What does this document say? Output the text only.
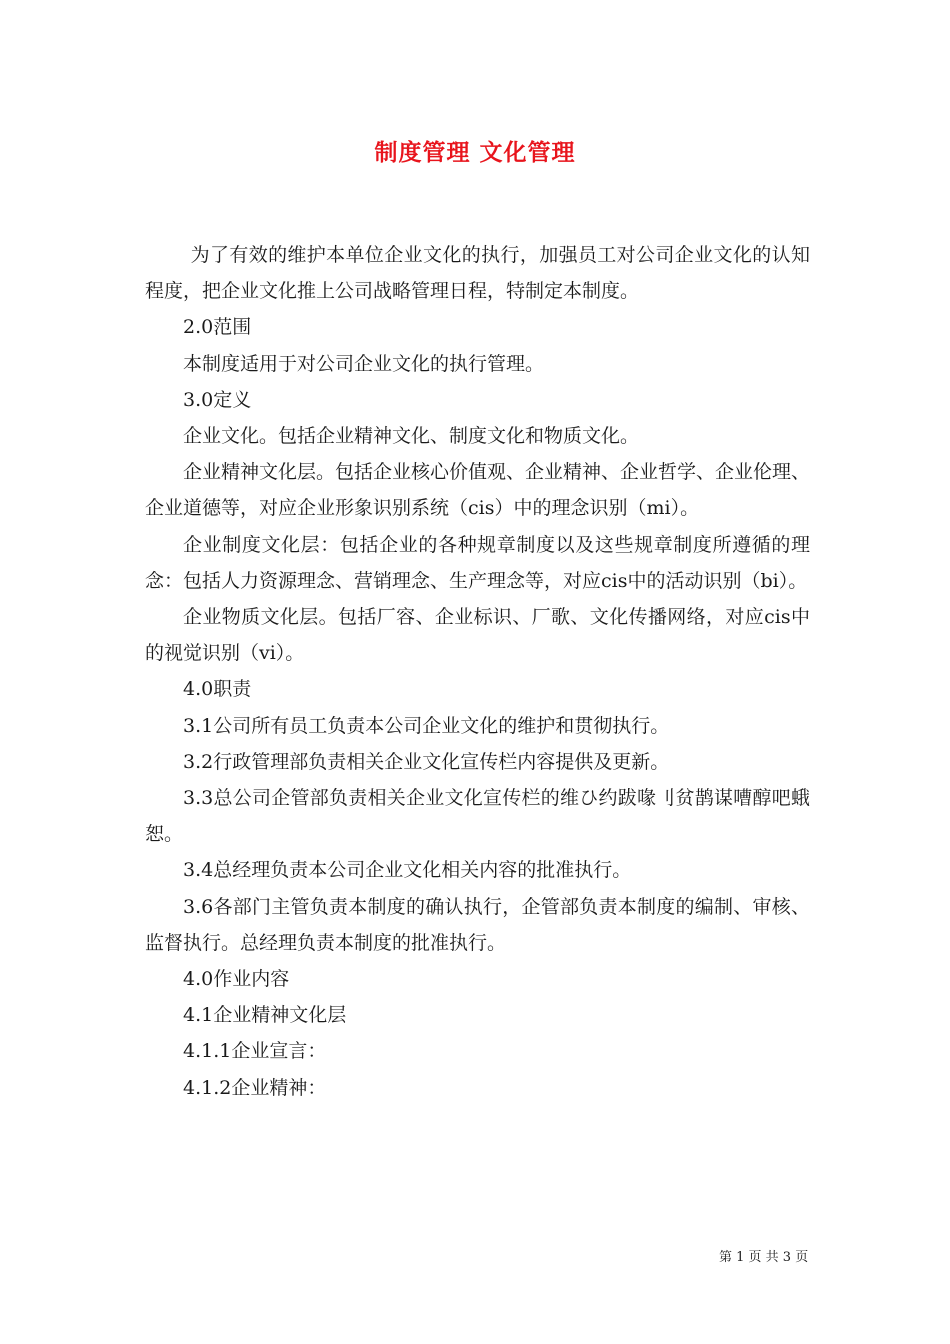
制度管理 文化管理

为了有效的维护本单位企业文化的执行，加强员工对公司企业文化的认知程度，把企业文化推上公司战略管理日程，特制定本制度。

2.0范围

本制度适用于对公司企业文化的执行管理。

3.0定义

企业文化。包括企业精神文化、制度文化和物质文化。

企业精神文化层。包括企业核心价值观、企业精神、企业哲学、企业伦理、企业道德等，对应企业形象识别系统（cis）中的理念识别（mi）。

企业制度文化层：包括企业的各种规章制度以及这些规章制度所遵循的理念：包括人力资源理念、营销理念、生产理念等，对应cis中的活动识别（bi）。

企业物质文化层。包括厂容、企业标识、厂歌、文化传播网络，对应cis中的视觉识别（vi）。

4.0职责

3.1公司所有员工负责本公司企业文化的维护和贯彻执行。

3.2行政管理部负责相关企业文化宣传栏内容提供及更新。

3.3总公司企管部负责相关企业文化宣传栏的维ひ约跋喙刂贫鹊谋嘈醇吧蛾恕。

3.4总经理负责本公司企业文化相关内容的批准执行。

3.6各部门主管负责本制度的确认执行，企管部负责本制度的编制、审核、监督执行。总经理负责本制度的批准执行。

4.0作业内容

4.1企业精神文化层

4.1.1企业宣言：

4.1.2企业精神：

第 1 页 共 3 页
